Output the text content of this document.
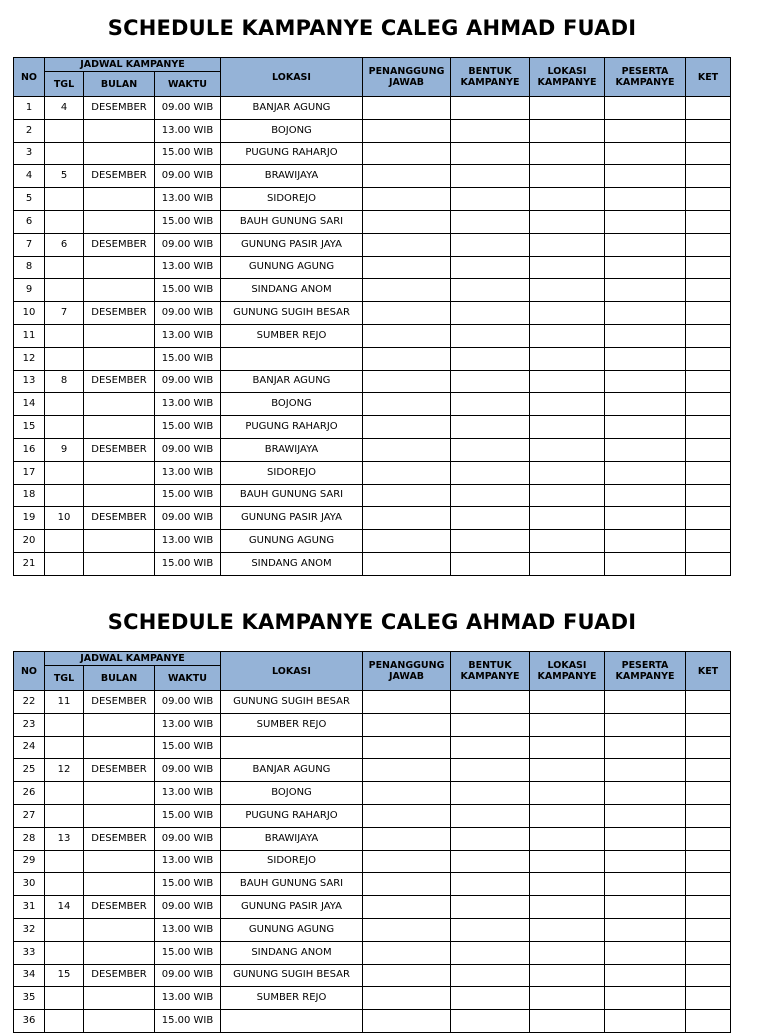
SCHEDULE KAMPANYE CALEG AHMAD FUADI
NO	JADWAL KAMPANYE			LOKASI	PENANGGUNG JAWAB	BENTUK KAMPANYE	LOKASI KAMPANYE	PESERTA KAMPANYE	KET
	TGL	BULAN	WAKTU						
1	4	DESEMBER	09.00 WIB	BANJAR AGUNG					
2			13.00 WIB	BOJONG					
3			15.00 WIB	PUGUNG RAHARJO					
4	5	DESEMBER	09.00 WIB	BRAWIJAYA					
5			13.00 WIB	SIDOREJO					
6			15.00 WIB	BAUH GUNUNG SARI					
7	6	DESEMBER	09.00 WIB	GUNUNG PASIR JAYA					
8			13.00 WIB	GUNUNG AGUNG					
9			15.00 WIB	SINDANG ANOM					
10	7	DESEMBER	09.00 WIB	GUNUNG SUGIH BESAR					
11			13.00 WIB	SUMBER REJO					
12			15.00 WIB						
13	8	DESEMBER	09.00 WIB	BANJAR AGUNG					
14			13.00 WIB	BOJONG					
15			15.00 WIB	PUGUNG RAHARJO					
16	9	DESEMBER	09.00 WIB	BRAWIJAYA					
17			13.00 WIB	SIDOREJO					
18			15.00 WIB	BAUH GUNUNG SARI					
19	10	DESEMBER	09.00 WIB	GUNUNG PASIR JAYA					
20			13.00 WIB	GUNUNG AGUNG					
21			15.00 WIB	SINDANG ANOM					
SCHEDULE KAMPANYE CALEG AHMAD FUADI
NO	JADWAL KAMPANYE			LOKASI	PENANGGUNG JAWAB	BENTUK KAMPANYE	LOKASI KAMPANYE	PESERTA KAMPANYE	KET
	TGL	BULAN	WAKTU						
22	11	DESEMBER	09.00 WIB	GUNUNG SUGIH BESAR					
23			13.00 WIB	SUMBER REJO					
24			15.00 WIB						
25	12	DESEMBER	09.00 WIB	BANJAR AGUNG					
26			13.00 WIB	BOJONG					
27			15.00 WIB	PUGUNG RAHARJO					
28	13	DESEMBER	09.00 WIB	BRAWIJAYA					
29			13.00 WIB	SIDOREJO					
30			15.00 WIB	BAUH GUNUNG SARI					
31	14	DESEMBER	09.00 WIB	GUNUNG PASIR JAYA					
32			13.00 WIB	GUNUNG AGUNG					
33			15.00 WIB	SINDANG ANOM					
34	15	DESEMBER	09.00 WIB	GUNUNG SUGIH BESAR					
35			13.00 WIB	SUMBER REJO					
36			15.00 WIB						
